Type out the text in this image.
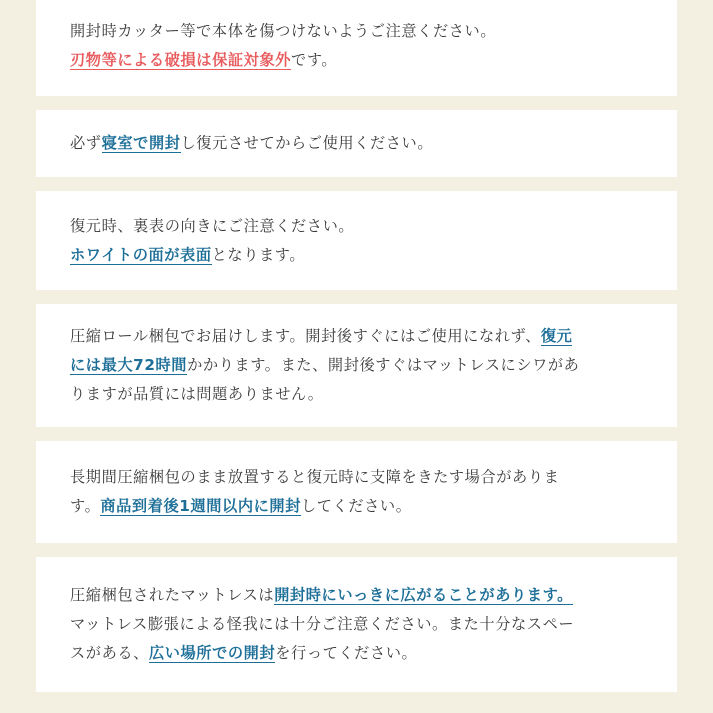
開封時カッター等で本体を傷つけないようご注意ください。
刃物等による破損は保証対象外です。
必ず寝室で開封し復元させてからご使用ください。
復元時、裏表の向きにご注意ください。
ホワイトの面が表面となります。
圧縮ロール梱包でお届けします。開封後すぐにはご使用になれず、復元
には最大72時間かかります。また、開封後すぐはマットレスにシワがあ
りますが品質には問題ありません。
長期間圧縮梱包のまま放置すると復元時に支障をきたす場合がありま
す。商品到着後1週間以内に開封してください。
圧縮梱包されたマットレスは開封時にいっきに広がることがあります。
マットレス膨張による怪我には十分ご注意ください。また十分なスペー
スがある、広い場所での開封を行ってください。
